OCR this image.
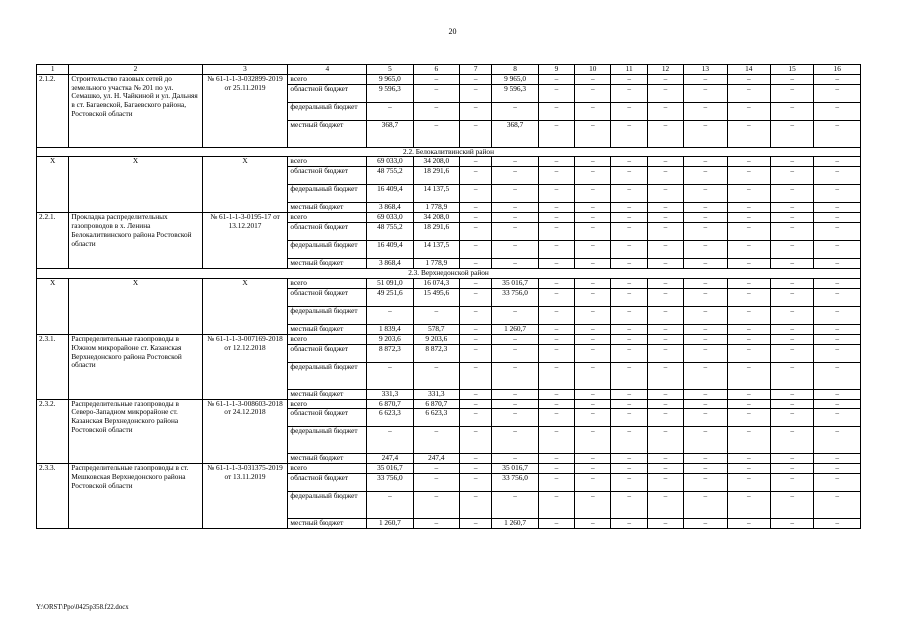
20
1	2	3	4	5	6	7	8	9	10	11	12	13	14	15	16
2.1.2.	Строительство газовых сетей до земельного участка № 201 по ул. Семашко, ул. Н. Чайкиной и ул. Дальняя в ст. Багаевской, Багаевского района, Ростовской области	№ 61-1-1-3-032899-2019 от 25.11.2019	всего	9 965,0	–	–	9 965,0	–	–	–	–	–	–	–	–
			областной бюджет	9 596,3	–	–	9 596,3	–	–	–	–	–	–	–	–
			федеральный бюджет	–	–	–	–	–	–	–	–	–	–	–	–
			местный бюджет	368,7	–	–	368,7	–	–	–	–	–	–	–	–
2.2. Белокалитвинский район															
X	X	X	всего	69 033,0	34 208,0	–	–	–	–	–	–	–	–	–	–
			областной бюджет	48 755,2	18 291,6	–	–	–	–	–	–	–	–	–	–
			федеральный бюджет	16 409,4	14 137,5	–	–	–	–	–	–	–	–	–	–
			местный бюджет	3 868,4	1 778,9	–	–	–	–	–	–	–	–	–	–
2.2.1.	Прокладка распределительных газопроводов в х. Ленина Белокалитвинского района Ростовской области	№ 61-1-1-3-0195-17 от 13.12.2017	всего	69 033,0	34 208,0	–	–	–	–	–	–	–	–	–	–
			областной бюджет	48 755,2	18 291,6	–	–	–	–	–	–	–	–	–	–
			федеральный бюджет	16 409,4	14 137,5	–	–	–	–	–	–	–	–	–	–
			местный бюджет	3 868,4	1 778,9	–	–	–	–	–	–	–	–	–	–
2.3. Верхнедонской район															
X	X	X	всего	51 091,0	16 074,3	–	35 016,7	–	–	–	–	–	–	–	–
			областной бюджет	49 251,6	15 495,6	–	33 756,0	–	–	–	–	–	–	–	–
			федеральный бюджет	–	–	–	–	–	–	–	–	–	–	–	–
			местный бюджет	1 839,4	578,7	–	1 260,7	–	–	–	–	–	–	–	–
2.3.1.	Распределительные газопроводы в Южном микрорайоне ст. Казанская Верхнедонского района Ростовской области	№ 61-1-1-3-007169-2018 от 12.12.2018	всего	9 203,6	9 203,6	–	–	–	–	–	–	–	–	–	–
			областной бюджет	8 872,3	8 872,3	–	–	–	–	–	–	–	–	–	–
			федеральный бюджет	–	–	–	–	–	–	–	–	–	–	–	–
			местный бюджет	331,3	331,3	–	–	–	–	–	–	–	–	–	–
2.3.2.	Распределительные газопроводы в Северо-Западном микрорайоне ст. Казанская Верхнедонского района Ростовской области	№ 61-1-1-3-008603-2018 от 24.12.2018	всего	6 870,7	6 870,7	–	–	–	–	–	–	–	–	–	–
			областной бюджет	6 623,3	6 623,3	–	–	–	–	–	–	–	–	–	–
			федеральный бюджет	–	–	–	–	–	–	–	–	–	–	–	–
			местный бюджет	247,4	247,4	–	–	–	–	–	–	–	–	–	–
2.3.3.	Распределительные газопроводы в ст. Мешковская Верхнедонского района Ростовской области	№ 61-1-1-3-031375-2019 от 13.11.2019	всего	35 016,7	–	–	35 016,7	–	–	–	–	–	–	–	–
			областной бюджет	33 756,0	–	–	33 756,0	–	–	–	–	–	–	–	–
			федеральный бюджет	–	–	–	–	–	–	–	–	–	–	–	–
			местный бюджет	1 260,7	–	–	1 260,7	–	–	–	–	–	–	–	–
Y:\ORST\Ppo\0425p358.f22.docx
